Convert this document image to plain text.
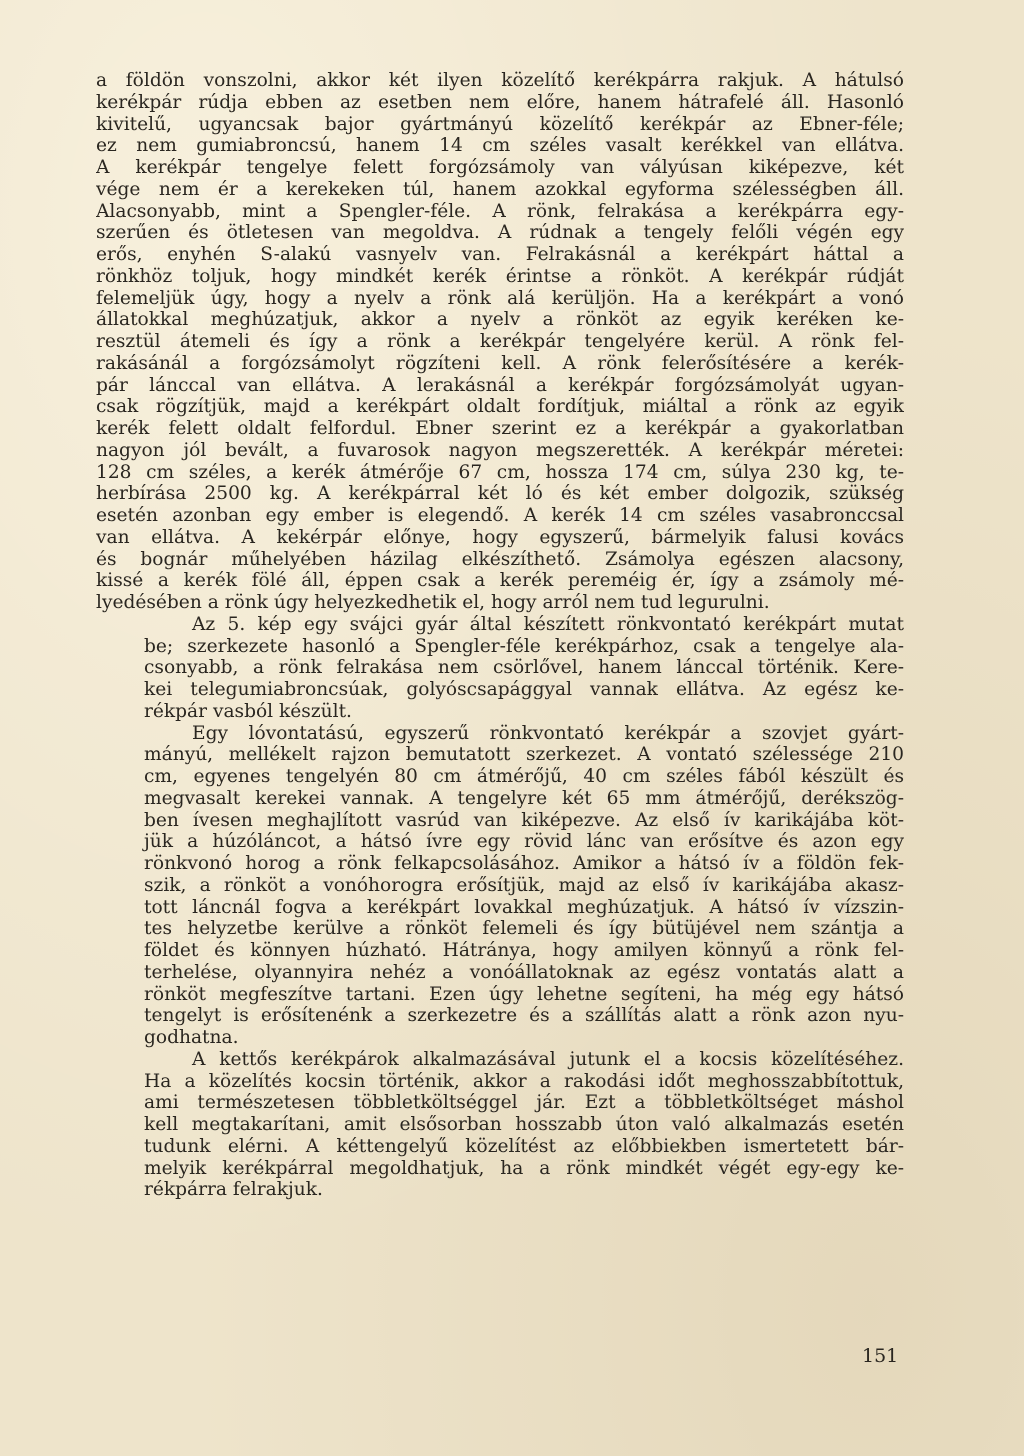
a földön vonszolni, akkor két ilyen közelítő kerékpárra rakjuk. A hátulsó
kerékpár rúdja ebben az esetben nem előre, hanem hátrafelé áll. Hasonló
kivitelű, ugyancsak bajor gyártmányú közelítő kerékpár az Ebner-féle;
ez nem gumiabroncsú, hanem 14 cm széles vasalt kerékkel van ellátva.
A kerékpár tengelye felett forgózsámoly van vályúsan kiképezve, két
vége nem ér a kerekeken túl, hanem azokkal egyforma szélességben áll.
Alacsonyabb, mint a Spengler-féle. A rönk, felrakása a kerékpárra egy-
szerűen és ötletesen van megoldva. A rúdnak a tengely felőli végén egy
erős, enyhén S-alakú vasnyelv van. Felrakásnál a kerékpárt háttal a
rönkhöz toljuk, hogy mindkét kerék érintse a rönköt. A kerékpár rúdját
felemeljük úgy, hogy a nyelv a rönk alá kerüljön. Ha a kerékpárt a vonó
állatokkal meghúzatjuk, akkor a nyelv a rönköt az egyik keréken ke-
resztül átemeli és így a rönk a kerékpár tengelyére kerül. A rönk fel-
rakásánál a forgózsámolyt rögzíteni kell. A rönk felerősítésére a kerék-
pár lánccal van ellátva. A lerakásnál a kerékpár forgózsámolyát ugyan-
csak rögzítjük, majd a kerékpárt oldalt fordítjuk, miáltal a rönk az egyik
kerék felett oldalt felfordul. Ebner szerint ez a kerékpár a gyakorlatban
nagyon jól bevált, a fuvarosok nagyon megszerették. A kerékpár méretei:
128 cm széles, a kerék átmérője 67 cm, hossza 174 cm, súlya 230 kg, te-
herbírása 2500 kg. A kerékpárral két ló és két ember dolgozik, szükség
esetén azonban egy ember is elegendő. A kerék 14 cm széles vasabronccsal
van ellátva. A kekérpár előnye, hogy egyszerű, bármelyik falusi kovács
és bognár műhelyében házilag elkészíthető. Zsámolya egészen alacsony,
kissé a kerék fölé áll, éppen csak a kerék pereméig ér, így a zsámoly mé-
lyedésében a rönk úgy helyezkedhetik el, hogy arról nem tud legurulni.

Az 5. kép egy svájci gyár által készített rönkvontató kerékpárt mutat
be; szerkezete hasonló a Spengler-féle kerékpárhoz, csak a tengelye ala-
csonyabb, a rönk felrakása nem csörlővel, hanem lánccal történik. Kere-
kei telegumiabroncsúak, golyóscsapággyal vannak ellátva. Az egész ke-
rékpár vasból készült.

Egy lóvontatású, egyszerű rönkvontató kerékpár a szovjet gyárt-
mányú, mellékelt rajzon bemutatott szerkezet. A vontató szélessége 210
cm, egyenes tengelyén 80 cm átmérőjű, 40 cm széles fából készült és
megvasalt kerekei vannak. A tengelyre két 65 mm átmérőjű, derékszög-
ben ívesen meghajlított vasrúd van kiképezve. Az első ív karikájába köt-
jük a húzóláncot, a hátsó ívre egy rövid lánc van erősítve és azon egy
rönkvonó horog a rönk felkapcsolásához. Amikor a hátsó ív a földön fek-
szik, a rönköt a vonóhorogra erősítjük, majd az első ív karikájába akasz-
tott láncnál fogva a kerékpárt lovakkal meghúzatjuk. A hátsó ív vízszin-
tes helyzetbe kerülve a rönköt felemeli és így bütüjével nem szántja a
földet és könnyen húzható. Hátránya, hogy amilyen könnyű a rönk fel-
terhelése, olyannyira nehéz a vonóállatoknak az egész vontatás alatt a
rönköt megfeszítve tartani. Ezen úgy lehetne segíteni, ha még egy hátsó
tengelyt is erősítenénk a szerkezetre és a szállítás alatt a rönk azon nyu-
godhatna.

A kettős kerékpárok alkalmazásával jutunk el a kocsis közelítéséhez.
Ha a közelítés kocsin történik, akkor a rakodási időt meghosszabbítottuk,
ami természetesen többletköltséggel jár. Ezt a többletköltséget máshol
kell megtakarítani, amit elsősorban hosszabb úton való alkalmazás esetén
tudunk elérni. A kéttengelyű közelítést az előbbiekben ismertetett bár-
melyik kerékpárral megoldhatjuk, ha a rönk mindkét végét egy-egy ke-
rékpárra felrakjuk.

151
